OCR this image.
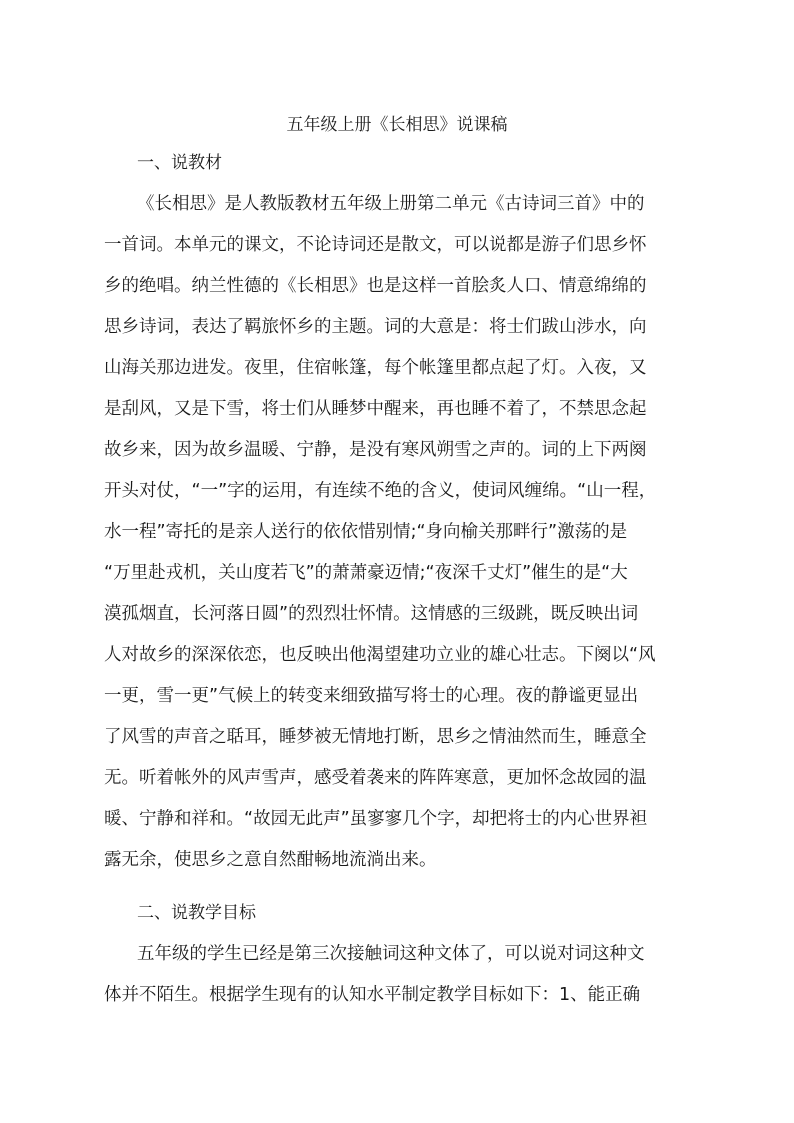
五年级上册《长相思》说课稿
一、说教材
《长相思》是人教版教材五年级上册第二单元《古诗词三首》中的
一首词。本单元的课文，不论诗词还是散文，可以说都是游子们思乡怀
乡的绝唱。纳兰性德的《长相思》也是这样一首脍炙人口、情意绵绵的
思乡诗词，表达了羁旅怀乡的主题。词的大意是：将士们跋山涉水，向
山海关那边进发。夜里，住宿帐篷，每个帐篷里都点起了灯。入夜，又
是刮风，又是下雪，将士们从睡梦中醒来，再也睡不着了，不禁思念起
故乡来，因为故乡温暖、宁静，是没有寒风朔雪之声的。词的上下两阕
开头对仗，“一”字的运用，有连续不绝的含义，使词风缠绵。“山一程，
水一程”寄托的是亲人送行的依依惜别情;“身向榆关那畔行”激荡的是
“万里赴戎机，关山度若飞”的萧萧豪迈情;“夜深千丈灯”催生的是“大
漠孤烟直，长河落日圆”的烈烈壮怀情。这情感的三级跳，既反映出词
人对故乡的深深依恋，也反映出他渴望建功立业的雄心壮志。下阕以“风
一更，雪一更”气候上的转变来细致描写将士的心理。夜的静谧更显出
了风雪的声音之聒耳，睡梦被无情地打断，思乡之情油然而生，睡意全
无。听着帐外的风声雪声，感受着袭来的阵阵寒意，更加怀念故园的温
暖、宁静和祥和。“故园无此声”虽寥寥几个字，却把将士的内心世界袒
露无余，使思乡之意自然酣畅地流淌出来。
二、说教学目标
五年级的学生已经是第三次接触词这种文体了，可以说对词这种文
体并不陌生。根据学生现有的认知水平制定教学目标如下：1、能正确
